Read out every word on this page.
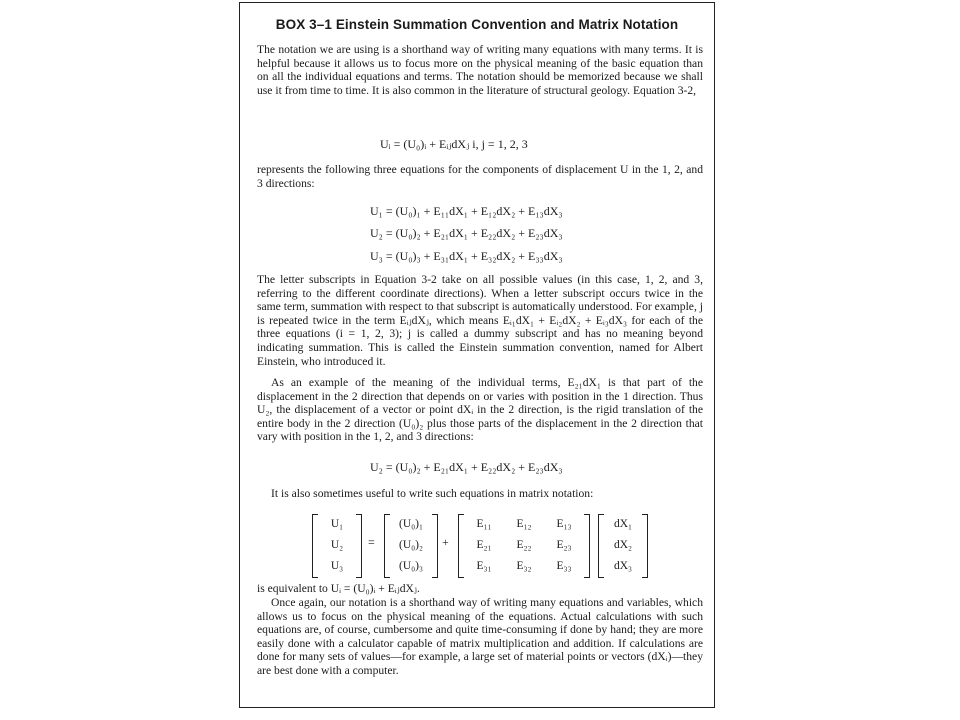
BOX 3–1 Einstein Summation Convention and Matrix Notation
The notation we are using is a shorthand way of writing many equations with many terms. It is helpful because it allows us to focus more on the physical meaning of the basic equation than on all the individual equations and terms. The notation should be memorized because we shall use it from time to time. It is also common in the literature of structural geology. Equation 3-2,
Uᵢ = (U₀)ᵢ + EᵢⱼdXⱼ i, j = 1, 2, 3
represents the following three equations for the components of displacement U in the 1, 2, and 3 directions:
U₁ = (U₀)₁ + E₁₁dX₁ + E₁₂dX₂ + E₁₃dX₃
U₂ = (U₀)₂ + E₂₁dX₁ + E₂₂dX₂ + E₂₃dX₃
U₃ = (U₀)₃ + E₃₁dX₁ + E₃₂dX₂ + E₃₃dX₃
The letter subscripts in Equation 3-2 take on all possible values (in this case, 1, 2, and 3, referring to the different coordinate directions). When a letter subscript occurs twice in the same term, summation with respect to that subscript is automatically understood. For example, j is repeated twice in the term EᵢⱼdXⱼ, which means Eᵢ₁dX₁ + Eᵢ₂dX₂ + Eᵢ₃dX₃ for each of the three equations (i = 1, 2, 3); j is called a dummy subscript and has no meaning beyond indicating summation. This is called the Einstein summation convention, named for Albert Einstein, who introduced it.
As an example of the meaning of the individual terms, E₂₁dX₁ is that part of the displacement in the 2 direction that depends on or varies with position in the 1 direction. Thus U₂, the displacement of a vector or point dXᵢ in the 2 direction, is the rigid translation of the entire body in the 2 direction (U₀)₂ plus those parts of the displacement in the 2 direction that vary with position in the 1, 2, and 3 directions:
U₂ = (U₀)₂ + E₂₁dX₁ + E₂₂dX₂ + E₂₃dX₃
It is also sometimes useful to write such equations in matrix notation:
U₁
U₂
U₃
=
(U₀)₁
(U₀)₂
(U₀)₃
+
E₁₁ E₁₂ E₁₃
E₂₁ E₂₂ E₂₃
E₃₁ E₃₂ E₃₃
dX₁
dX₂
dX₃
is equivalent to Uᵢ = (U₀)ᵢ + EᵢⱼdXⱼ.
Once again, our notation is a shorthand way of writing many equations and variables, which allows us to focus on the physical meaning of the equations. Actual calculations with such equations are, of course, cumbersome and quite time-consuming if done by hand; they are more easily done with a calculator capable of matrix multiplication and addition. If calculations are done for many sets of values—for example, a large set of material points or vectors (dXᵢ)—they are best done with a computer.
